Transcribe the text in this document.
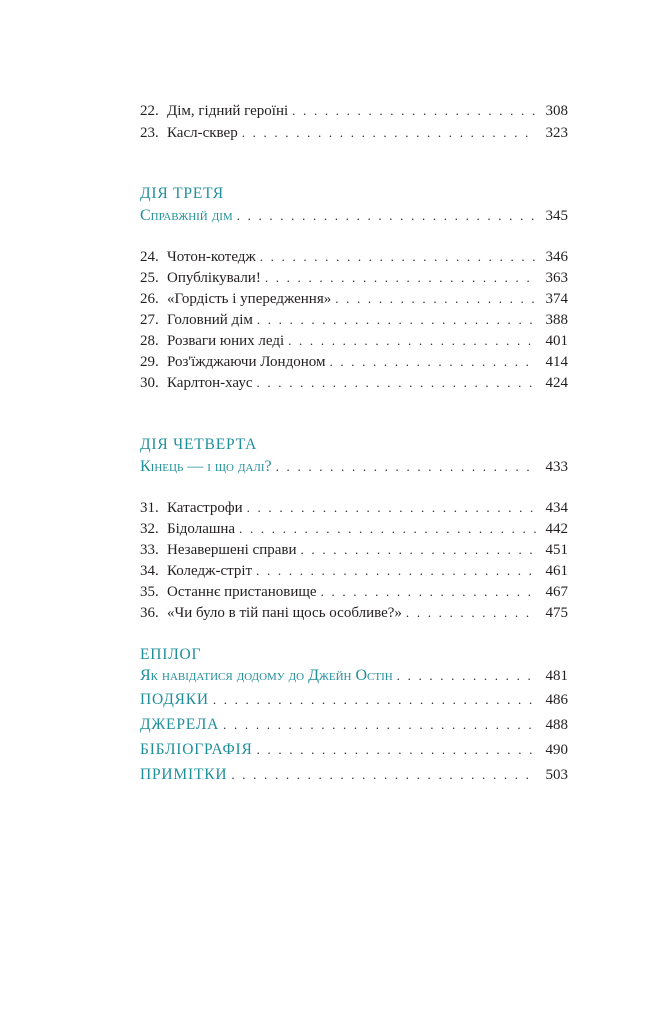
22. Дім, гідний героїні . . .	308
23. Касл-сквер . . .	323
ДІЯ ТРЕТЯ
Справжній дім . . .	345
24. Чотон-котедж . . .	346
25. Опублікували! . . .	363
26. «Гордість і упередження» . . .	374
27. Головний дім . . .	388
28. Розваги юних леді . . .	401
29. Роз'їжджаючи Лондоном . . .	414
30. Карлтон-хаус . . .	424
ДІЯ ЧЕТВЕРТА
Кінець — і що далі? . . .	433
31. Катастрофи . . .	434
32. Бідолашна . . .	442
33. Незавершені справи . . .	451
34. Коледж-стріт . . .	461
35. Останнє пристановище . . .	467
36. «Чи було в тій пані щось особливе?» . . .	475
ЕПІЛОГ
Як навідатися додому до Джейн Остін . . .	481
ПОДЯКИ . . .	486
ДЖЕРЕЛА . . .	488
БІБЛІОГРАФІЯ . . .	490
ПРИМІТКИ . . .	503
